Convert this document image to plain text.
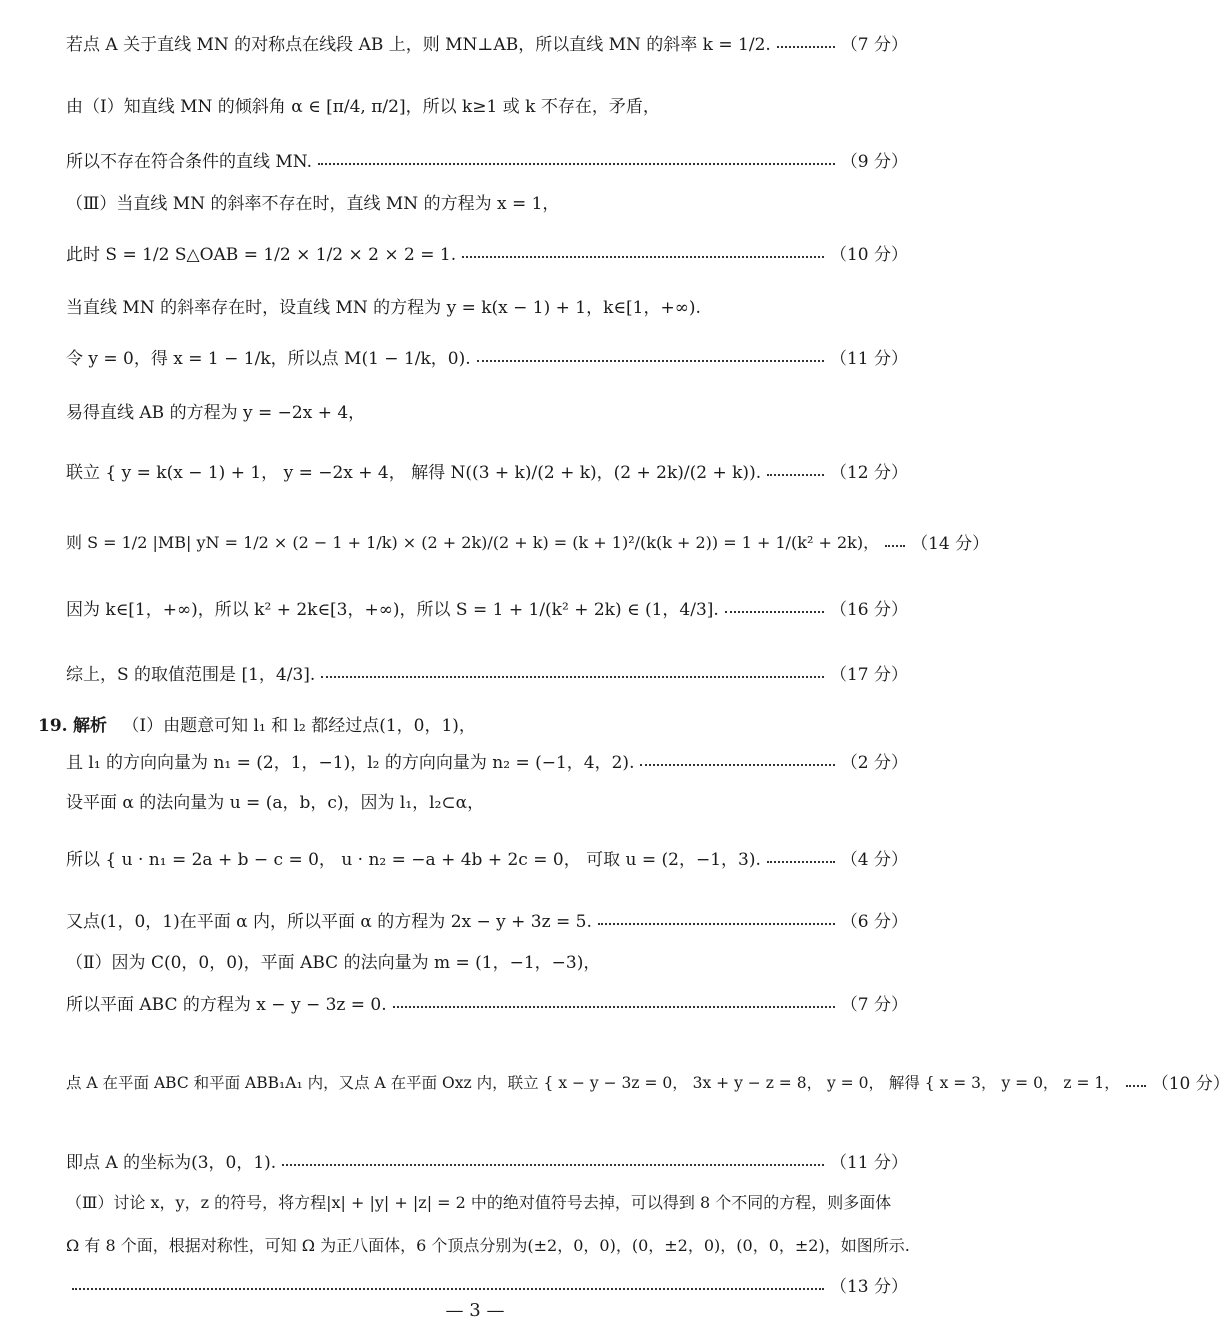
若点 A 关于直线 MN 的对称点在线段 AB 上，则 MN⊥AB，所以直线 MN 的斜率 k = 1/2.	（7 分）
由（Ⅰ）知直线 MN 的倾斜角 α ∈ [π/4, π/2]，所以 k≥1 或 k 不存在，矛盾，
所以不存在符合条件的直线 MN.	（9 分）
（Ⅲ）当直线 MN 的斜率不存在时，直线 MN 的方程为 x = 1，
此时 S = 1/2 S△OAB = 1/2 × 1/2 × 2 × 2 = 1.	（10 分）
当直线 MN 的斜率存在时，设直线 MN 的方程为 y = k(x − 1) + 1，k∈[1，+∞).
令 y = 0，得 x = 1 − 1/k，所以点 M(1 − 1/k，0).	（11 分）
易得直线 AB 的方程为 y = −2x + 4，
联立 { y = k(x − 1) + 1， y = −2x + 4， 解得 N((3 + k)/(2 + k)，(2 + 2k)/(2 + k)).	（12 分）
则 S = 1/2 |MB| yN = 1/2 × (2 − 1 + 1/k) × (2 + 2k)/(2 + k) = (k + 1)²/(k(k + 2)) = 1 + 1/(k² + 2k)， （14 分）
因为 k∈[1，+∞)，所以 k² + 2k∈[3，+∞)，所以 S = 1 + 1/(k² + 2k) ∈ (1，4/3].	（16 分）
综上，S 的取值范围是 [1，4/3].	（17 分）
19. 解析 （Ⅰ）由题意可知 l₁ 和 l₂ 都经过点(1，0，1)，
且 l₁ 的方向向量为 n₁ = (2，1，−1)，l₂ 的方向向量为 n₂ = (−1，4，2).	（2 分）
设平面 α 的法向量为 u = (a，b，c)，因为 l₁，l₂⊂α，
所以 { u · n₁ = 2a + b − c = 0， u · n₂ = −a + 4b + 2c = 0， 可取 u = (2，−1，3).	（4 分）
又点(1，0，1)在平面 α 内，所以平面 α 的方程为 2x − y + 3z = 5.	（6 分）
（Ⅱ）因为 C(0，0，0)，平面 ABC 的法向量为 m = (1，−1，−3)，
所以平面 ABC 的方程为 x − y − 3z = 0.	（7 分）
点 A 在平面 ABC 和平面 ABB₁A₁ 内，又点 A 在平面 Oxz 内，联立 { x − y − 3z = 0， 3x + y − z = 8， y = 0， 解得 { x = 3， y = 0， z = 1， （10 分）
即点 A 的坐标为(3，0，1).	（11 分）
（Ⅲ）讨论 x，y，z 的符号，将方程|x| + |y| + |z| = 2 中的绝对值符号去掉，可以得到 8 个不同的方程，则多面体
Ω 有 8 个面，根据对称性，可知 Ω 为正八面体，6 个顶点分别为(±2，0，0)，(0，±2，0)，(0，0，±2)，如图所示.
（13 分）
— 3 —
